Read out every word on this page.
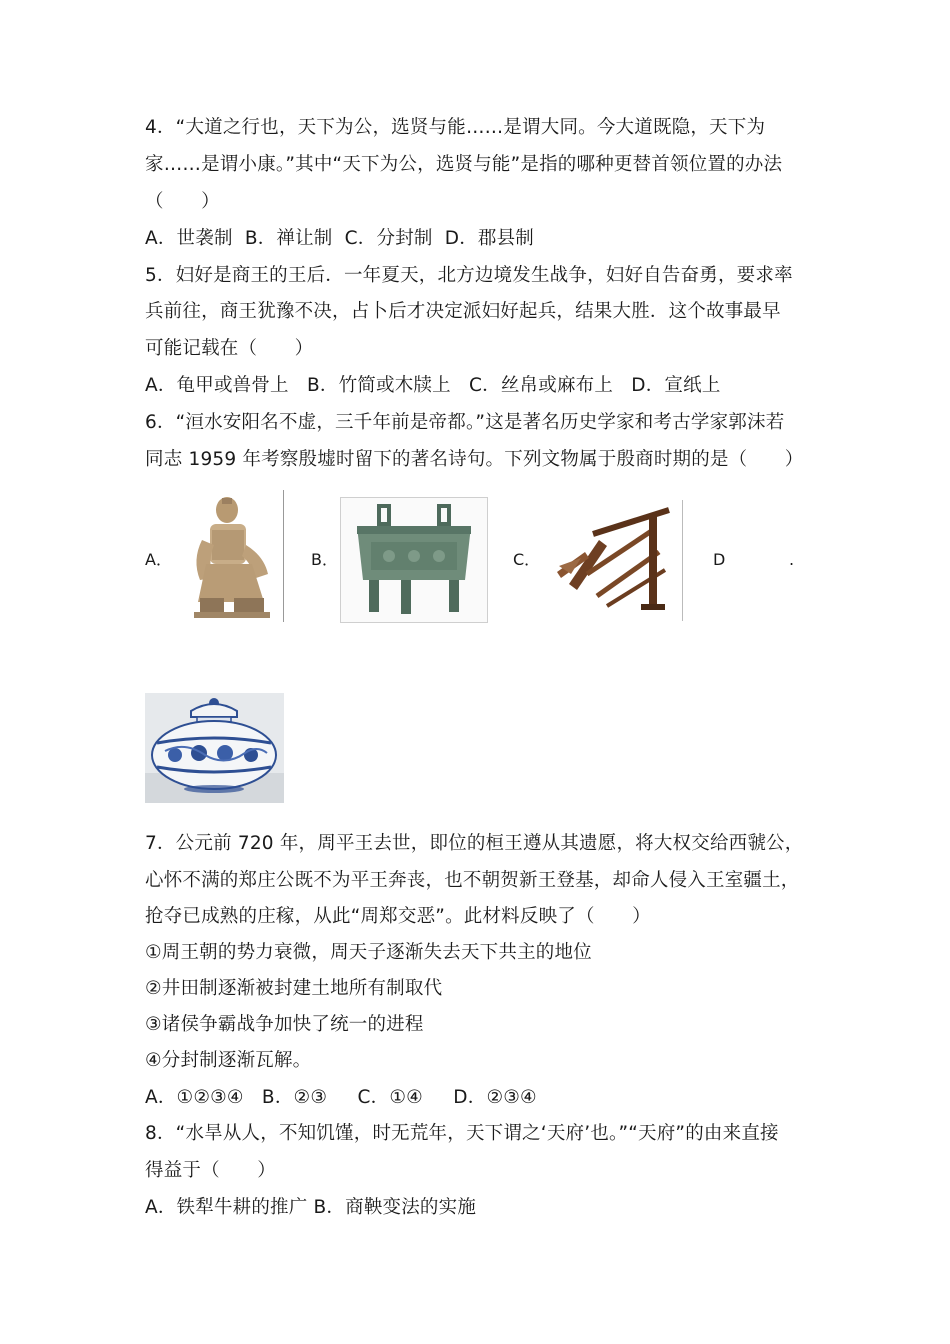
4．“大道之行也，天下为公，选贤与能……是谓大同。今大道既隐，天下为
家……是谓小康。”其中“天下为公，选贤与能”是指的哪种更替首领位置的办法
（　　）
A．世袭制  B．禅让制  C．分封制  D．郡县制
5．妇好是商王的王后．一年夏天，北方边境发生战争，妇好自告奋勇，要求率
兵前往，商王犹豫不决，占卜后才决定派妇好起兵，结果大胜．这个故事最早
可能记载在（　　）
A．龟甲或兽骨上   B．竹简或木牍上   C．丝帛或麻布上   D．宣纸上
6．“洹水安阳名不虚，三千年前是帝都。”这是著名历史学家和考古学家郭沫若
同志 1959 年考察殷墟时留下的著名诗句。下列文物属于殷商时期的是（　　）
A．	B．	C．	D	.
7．公元前 720 年，周平王去世，即位的桓王遵从其遗愿，将大权交给西虢公，
心怀不满的郑庄公既不为平王奔丧，也不朝贺新王登基，却命人侵入王室疆土，
抢夺已成熟的庄稼，从此“周郑交恶”。此材料反映了（　　）
①周王朝的势力衰微，周天子逐渐失去天下共主的地位
②井田制逐渐被封建土地所有制取代
③诸侯争霸战争加快了统一的进程
④分封制逐渐瓦解。
A．①②③④   B．②③     C．①④     D．②③④
8．“水旱从人，不知饥馑，时无荒年，天下谓之‘天府’也。”“天府”的由来直接
得益于（　　）
A．铁犁牛耕的推广 B．商鞅变法的实施
